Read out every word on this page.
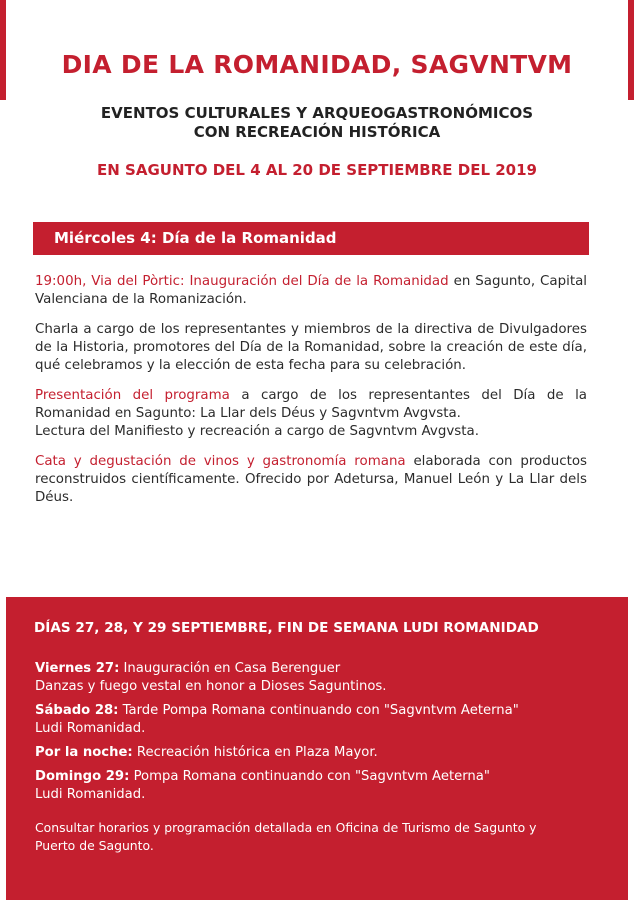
DIA DE LA ROMANIDAD, SAGVNTVM
EVENTOS CULTURALES Y ARQUEOGASTRONÓMICOS
CON RECREACIÓN HISTÓRICA
EN SAGUNTO DEL 4 AL 20 DE SEPTIEMBRE DEL 2019
Miércoles 4: Día de la Romanidad

19:00h, Via del Pòrtic: Inauguración del Día de la Romanidad en Sagunto, Capital Valenciana de la Romanización.

Charla a cargo de los representantes y miembros de la directiva de Divulgadores de la Historia, promotores del Día de la Romanidad, sobre la creación de este día, qué celebramos y la elección de esta fecha para su celebración.

Presentación del programa a cargo de los representantes del Día de la Romanidad en Sagunto: La Llar dels Déus y Sagvntvm Avgvsta.
Lectura del Manifiesto y recreación a cargo de Sagvntvm Avgvsta.

Cata y degustación de vinos y gastronomía romana elaborada con productos reconstruidos científicamente. Ofrecido por Adetursa, Manuel León y La Llar dels Déus.

DÍAS 27, 28, Y 29 SEPTIEMBRE, FIN DE SEMANA LUDI ROMANIDAD

Viernes 27: Inauguración en Casa Berenguer
Danzas y fuego vestal en honor a Dioses Saguntinos.

Sábado 28: Tarde Pompa Romana continuando con "Sagvntvm Aeterna"
Ludi Romanidad.

Por la noche: Recreación histórica en Plaza Mayor.

Domingo 29: Pompa Romana continuando con "Sagvntvm Aeterna"
Ludi Romanidad.

Consultar horarios y programación detallada en Oficina de Turismo de Sagunto y Puerto de Sagunto.
